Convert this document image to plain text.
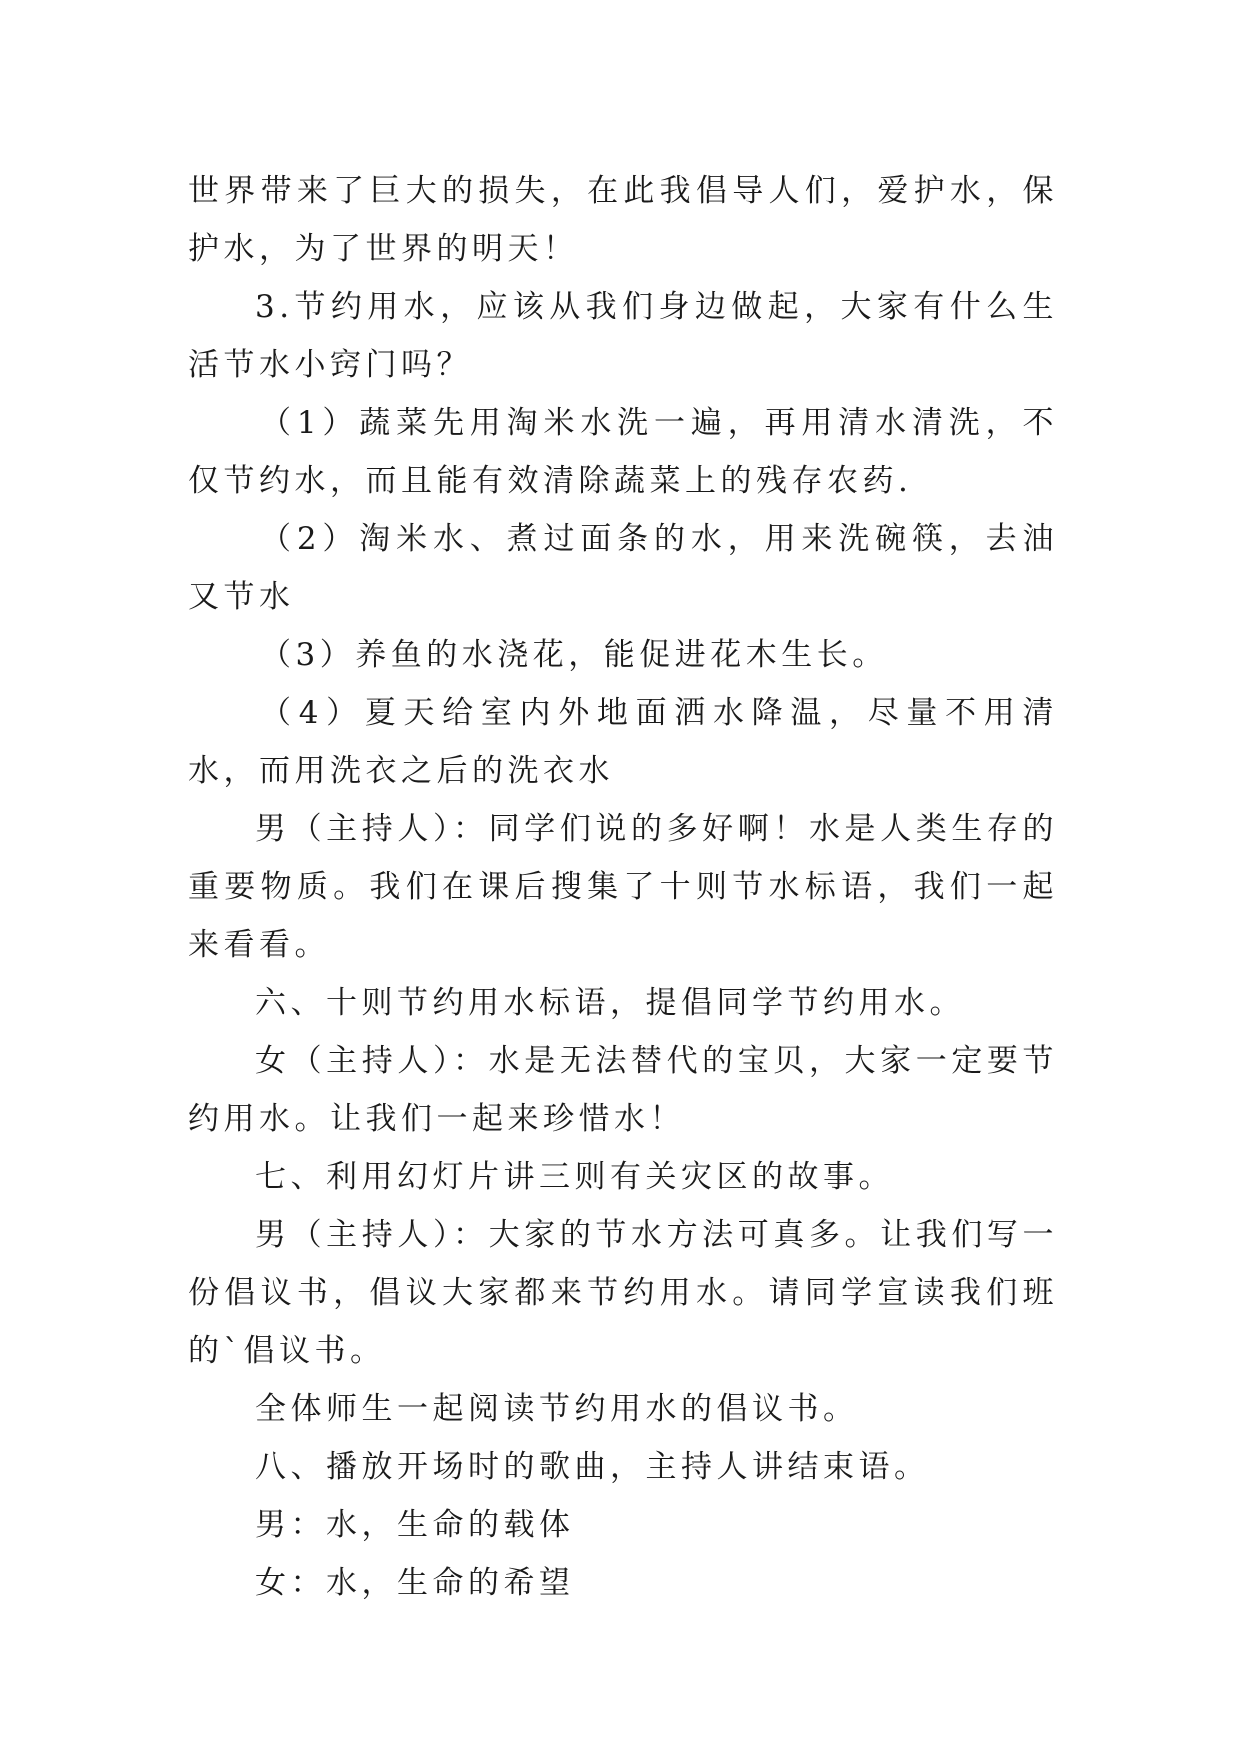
世界带来了巨大的损失，在此我倡导人们，爱护水，保护水，为了世界的明天！

3.节约用水，应该从我们身边做起，大家有什么生活节水小窍门吗？

（1）蔬菜先用淘米水洗一遍，再用清水清洗，不仅节约水，而且能有效清除蔬菜上的残存农药.

（2）淘米水、煮过面条的水，用来洗碗筷，去油又节水

（3）养鱼的水浇花，能促进花木生长。

（4）夏天给室内外地面洒水降温，尽量不用清水，而用洗衣之后的洗衣水

男（主持人）：同学们说的多好啊！水是人类生存的重要物质。我们在课后搜集了十则节水标语，我们一起来看看。

六、十则节约用水标语，提倡同学节约用水。

女（主持人）：水是无法替代的宝贝，大家一定要节约用水。让我们一起来珍惜水！

七、利用幻灯片讲三则有关灾区的故事。

男（主持人）：大家的节水方法可真多。让我们写一份倡议书，倡议大家都来节约用水。请同学宣读我们班的`倡议书。

全体师生一起阅读节约用水的倡议书。

八、播放开场时的歌曲，主持人讲结束语。

男：水，生命的载体

女：水，生命的希望
